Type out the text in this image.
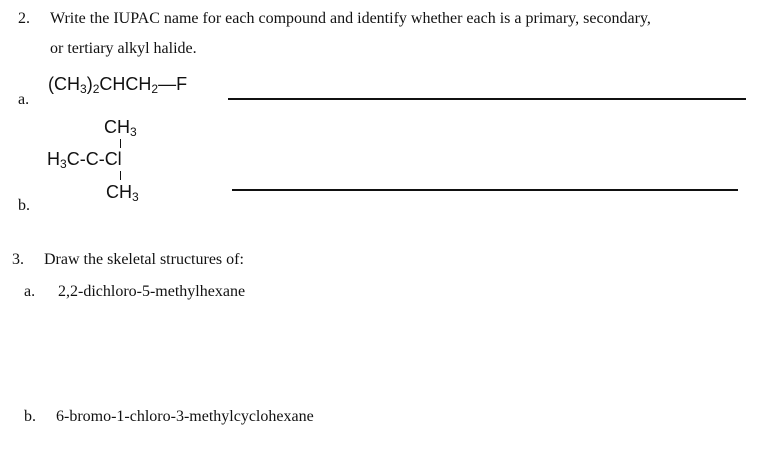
2. Write the IUPAC name for each compound and identify whether each is a primary, secondary,
or tertiary alkyl halide.
a.
$(CH_3)_2CHCH_2—F$
b.
$CH_3$
$H_3C-C-Cl$
$CH_3$
3. Draw the skeletal structures of:
a. 2,2-dichloro-5-methylhexane
b. 6-bromo-1-chloro-3-methylcyclohexane
